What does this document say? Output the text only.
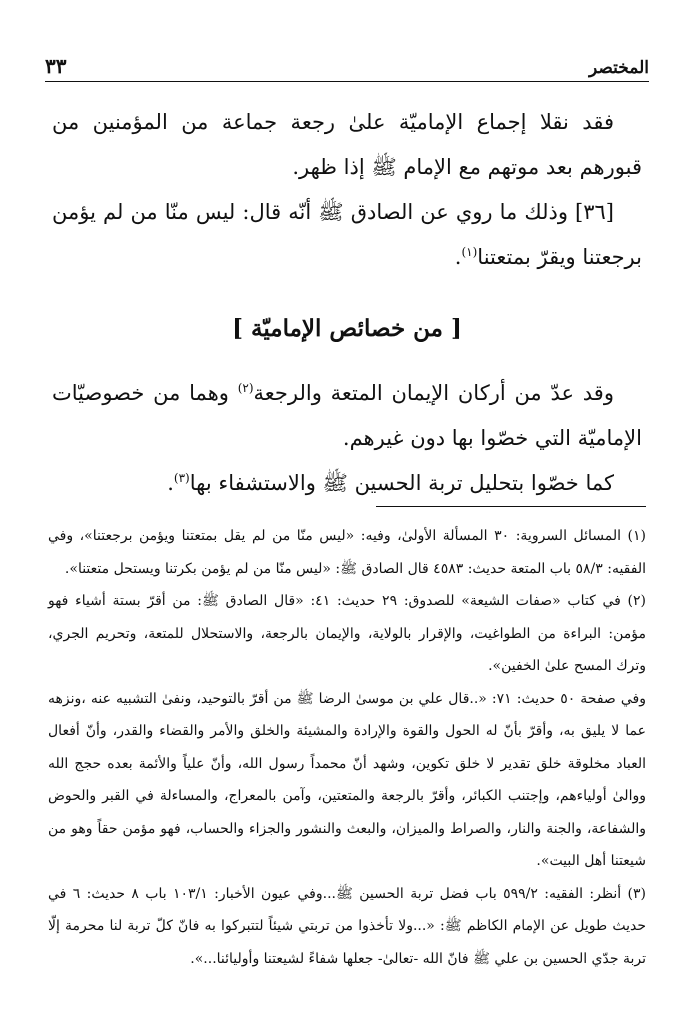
المختصر
٣٣

فقد نقلا إجماع الإماميّة علىٰ رجعة جماعة من المؤمنين من قبورهم بعد موتهم مع الإمام ﷺ إذا ظهر.

[٣٦] وذلك ما روي عن الصادق ﷺ أنّه قال: ليس منّا من لم يؤمن برجعتنا ويقرّ بمتعتنا$^{(١)}$.

[ من خصائص الإماميّة ]

وقد عدّ من أركان الإيمان المتعة والرجعة$^{(٢)}$ وهما من خصوصيّات الإماميّة التي خصّوا بها دون غيرهم.

كما خصّوا بتحليل تربة الحسين ﷺ والاستشفاء بها$^{(٣)}$.

(١) المسائل السروية: ٣٠ المسألة الأولىٰ، وفيه: «ليس منّا من لم يقل بمتعتنا ويؤمن برجعتنا»، وفي الفقيه: ٥٨/٣ باب المتعة حديث: ٤٥٨٣ قال الصادق ﷺ: «ليس منّا من لم يؤمن بكرتنا ويستحل متعتنا».

(٢) في كتاب «صفات الشيعة» للصدوق: ٢٩ حديث: ٤١: «قال الصادق ﷺ: من أقرّ بستة أشياء فهو مؤمن: البراءة من الطواغيت، والإقرار بالولاية، والإيمان بالرجعة، والاستحلال للمتعة، وتحريم الجري، وترك المسح علىٰ الخفين».

وفي صفحة ٥٠ حديث: ٧١: «..قال علي بن موسىٰ الرضا ﷺ من أقرّ بالتوحيد، ونفىٰ التشبيه عنه ،ونزهه عما لا يليق به، وأقرّ بأنّ له الحول والقوة والإرادة والمشيئة والخلق والأمر والقضاء والقدر، وأنّ أفعال العباد مخلوقة خلق تقدير لا خلق تكوين، وشهد أنّ محمداً رسول الله، وأنّ علياً والأئمة بعده حجج الله ووالىٰ أولياءهم، وإجتنب الكبائر، وأقرّ بالرجعة والمتعتين، وآمن بالمعراج، والمساءلة في القبر والحوض والشفاعة، والجنة والنار، والصراط والميزان، والبعث والنشور والجزاء والحساب، فهو مؤمن حقاً وهو من شيعتنا أهل البيت».

(٣) أنظر: الفقيه: ٥٩٩/٢ باب فضل تربة الحسين ﷺ...وفي عيون الأخبار: ١٠٣/١ باب ٨ حديث: ٦ في حديث طويل عن الإمام الكاظم ﷺ: «...ولا تأخذوا من تربتي شيئاً لتتبركوا به فانّ كلّ تربة لنا محرمة إلّا تربة جدّي الحسين بن علي ﷺ فانّ الله -تعالىٰ- جعلها شفاءً لشيعتنا وأوليائنا...».
